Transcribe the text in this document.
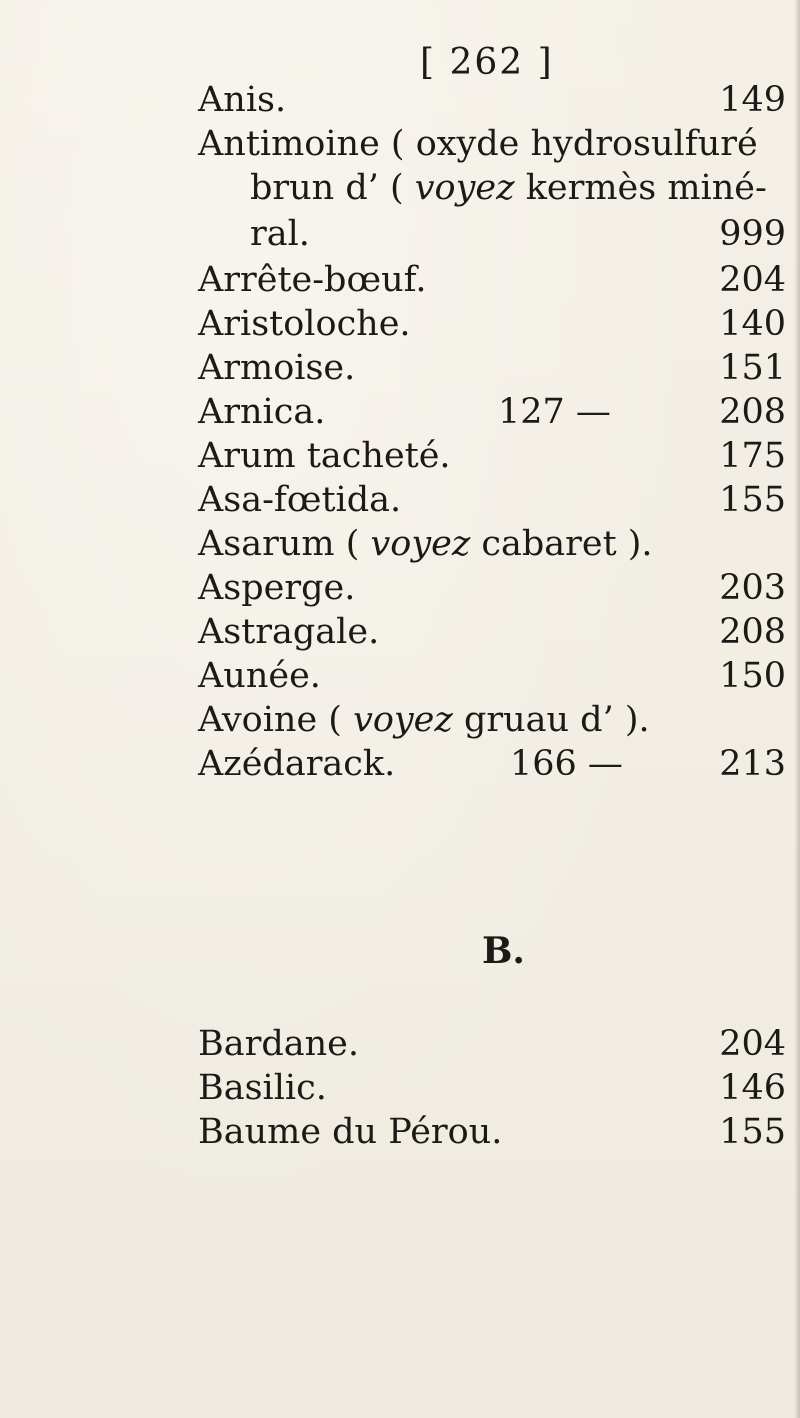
[ 262 ]
Anis.	149
Antimoine ( oxyde hydrosulfuré
brun d’ ( voyez kermès miné-
ral.	999
Arrête-bœuf.	204
Aristoloche.	140
Armoise.	151
Arnica.	127 —	208
Arum tacheté.	175
Asa-fœtida.	155
Asarum ( voyez cabaret ).
Asperge.	203
Astragale.	208
Aunée.	150
Avoine ( voyez gruau d’ ).
Azédarack.	166 —	213
B.
Bardane.	204
Basilic.	146
Baume du Pérou.	155
